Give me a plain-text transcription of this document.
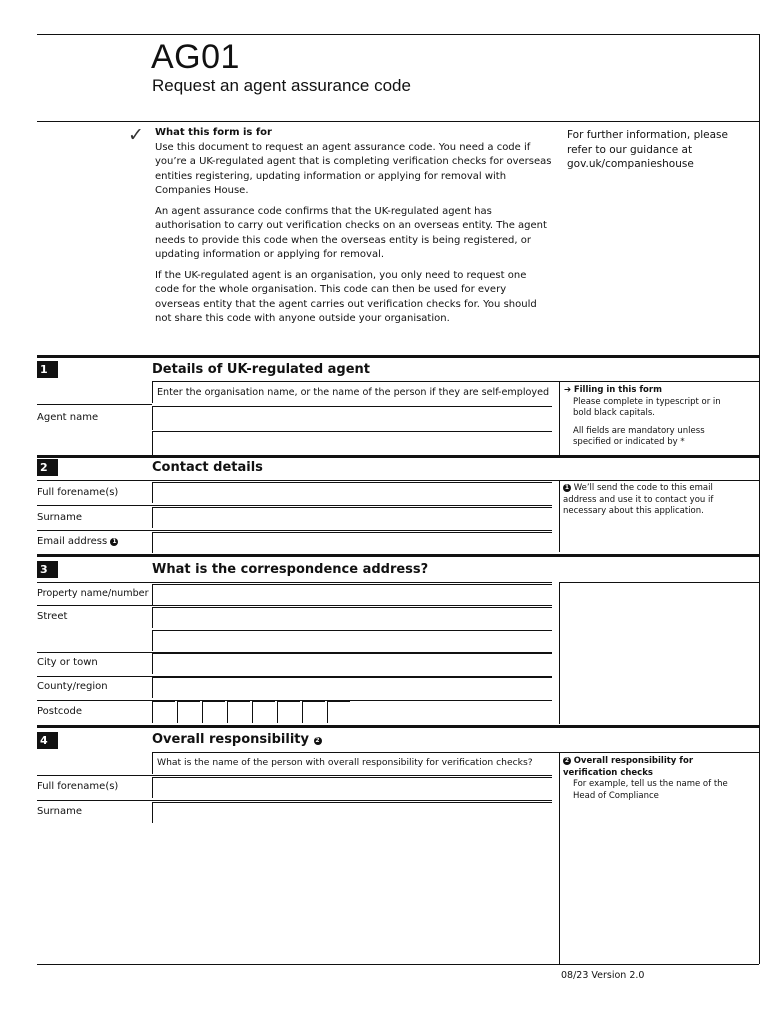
AG01
Request an agent assurance code
✓ What this form is for
Use this document to request an agent assurance code. You need a code if you’re a UK-regulated agent that is completing verification checks for overseas entities registering, updating information or applying for removal with Companies House.
An agent assurance code confirms that the UK-regulated agent has authorisation to carry out verification checks on an overseas entity. The agent needs to provide this code when the overseas entity is being registered, or updating information or applying for removal.
If the UK-regulated agent is an organisation, you only need to request one code for the whole organisation. This code can then be used for every overseas entity that the agent carries out verification checks for. You should not share this code with anyone outside your organisation.
For further information, please refer to our guidance at gov.uk/companieshouse
1	Details of UK-regulated agent
Enter the organisation name, or the name of the person if they are self-employed
Agent name
➔ Filling in this form
Please complete in typescript or in bold black capitals.
All fields are mandatory unless specified or indicated by *
2	Contact details
Full forename(s)
Surname
Email address 1
1 We’ll send the code to this email address and use it to contact you if necessary about this application.
3	What is the correspondence address?
Property name/number
Street
City or town
County/region
Postcode
4	Overall responsibility 2
What is the name of the person with overall responsibility for verification checks?
Full forename(s)
Surname
2 Overall responsibility for verification checks
For example, tell us the name of the Head of Compliance
08/23 Version 2.0
